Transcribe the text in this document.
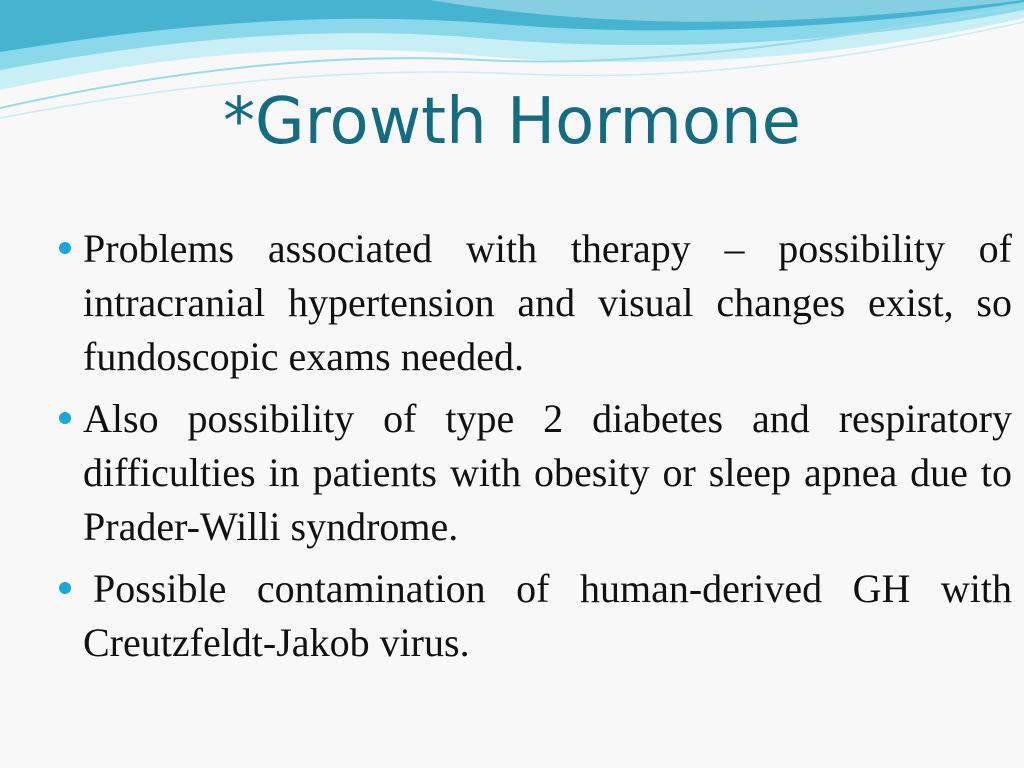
*Growth Hormone
Problems associated with therapy – possibility of intracranial hypertension and visual changes exist, so fundoscopic exams needed.
Also possibility of type 2 diabetes and respiratory difficulties in patients with obesity or sleep apnea due to Prader-Willi syndrome.
Possible contamination of human-derived GH with Creutzfeldt-Jakob virus.
